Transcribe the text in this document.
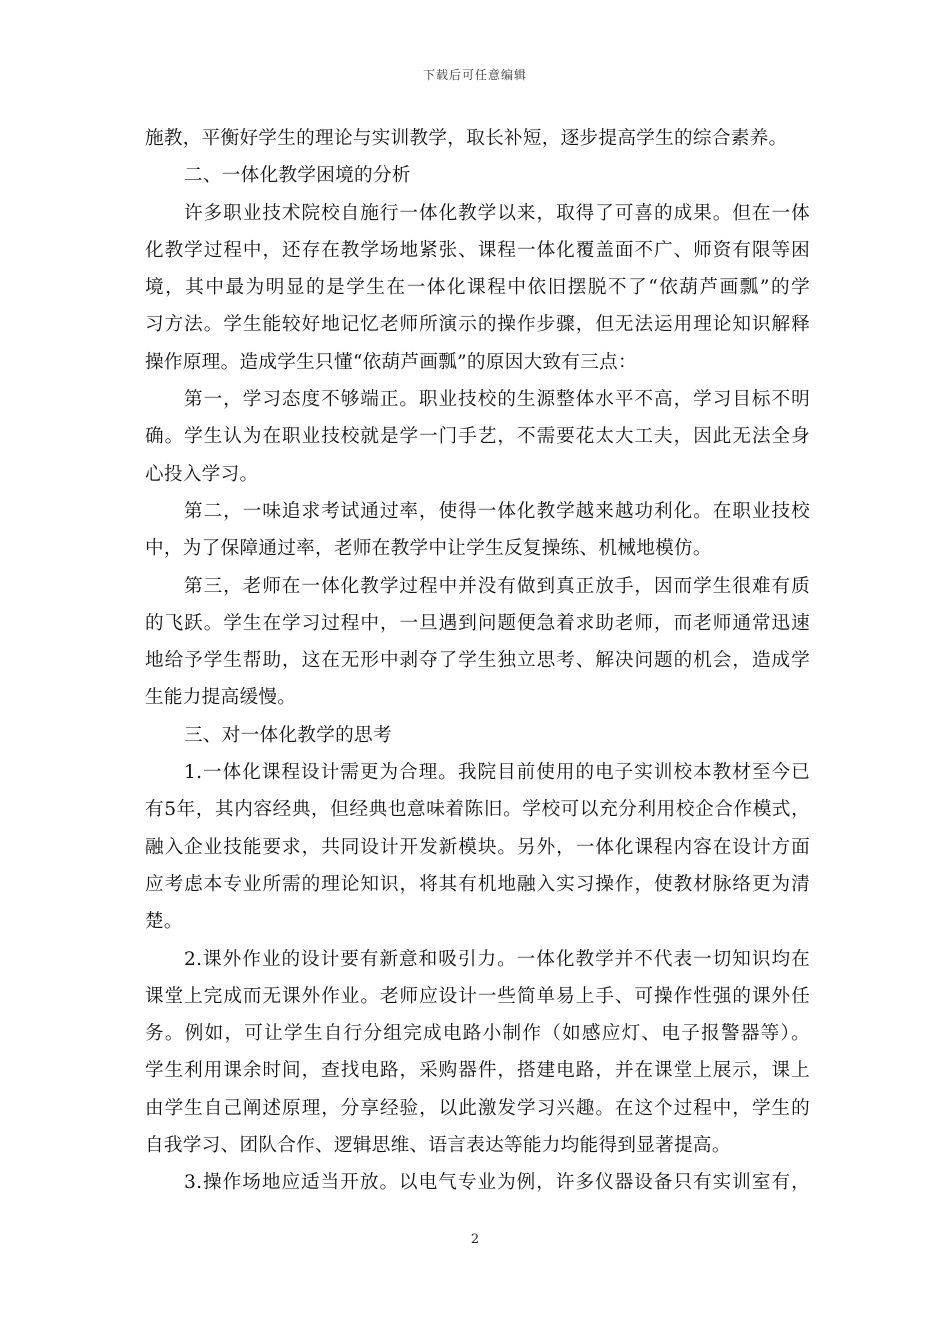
下载后可任意编辑
施教，平衡好学生的理论与实训教学，取长补短，逐步提高学生的综合素养。
二、一体化教学困境的分析
许多职业技术院校自施行一体化教学以来，取得了可喜的成果。但在一体
化教学过程中，还存在教学场地紧张、课程一体化覆盖面不广、师资有限等困
境，其中最为明显的是学生在一体化课程中依旧摆脱不了“依葫芦画瓢”的学
习方法。学生能较好地记忆老师所演示的操作步骤，但无法运用理论知识解释
操作原理。造成学生只懂“依葫芦画瓢”的原因大致有三点：
第一，学习态度不够端正。职业技校的生源整体水平不高，学习目标不明
确。学生认为在职业技校就是学一门手艺，不需要花太大工夫，因此无法全身
心投入学习。
第二，一味追求考试通过率，使得一体化教学越来越功利化。在职业技校
中，为了保障通过率，老师在教学中让学生反复操练、机械地模仿。
第三，老师在一体化教学过程中并没有做到真正放手，因而学生很难有质
的飞跃。学生在学习过程中，一旦遇到问题便急着求助老师，而老师通常迅速
地给予学生帮助，这在无形中剥夺了学生独立思考、解决问题的机会，造成学
生能力提高缓慢。
三、对一体化教学的思考
1.一体化课程设计需更为合理。我院目前使用的电子实训校本教材至今已
有5年，其内容经典，但经典也意味着陈旧。学校可以充分利用校企合作模式，
融入企业技能要求，共同设计开发新模块。另外，一体化课程内容在设计方面
应考虑本专业所需的理论知识，将其有机地融入实习操作，使教材脉络更为清
楚。
2.课外作业的设计要有新意和吸引力。一体化教学并不代表一切知识均在
课堂上完成而无课外作业。老师应设计一些简单易上手、可操作性强的课外任
务。例如，可让学生自行分组完成电路小制作（如感应灯、电子报警器等）。
学生利用课余时间，查找电路，采购器件，搭建电路，并在课堂上展示，课上
由学生自己阐述原理，分享经验，以此激发学习兴趣。在这个过程中，学生的
自我学习、团队合作、逻辑思维、语言表达等能力均能得到显著提高。
3.操作场地应适当开放。以电气专业为例，许多仪器设备只有实训室有，
2
